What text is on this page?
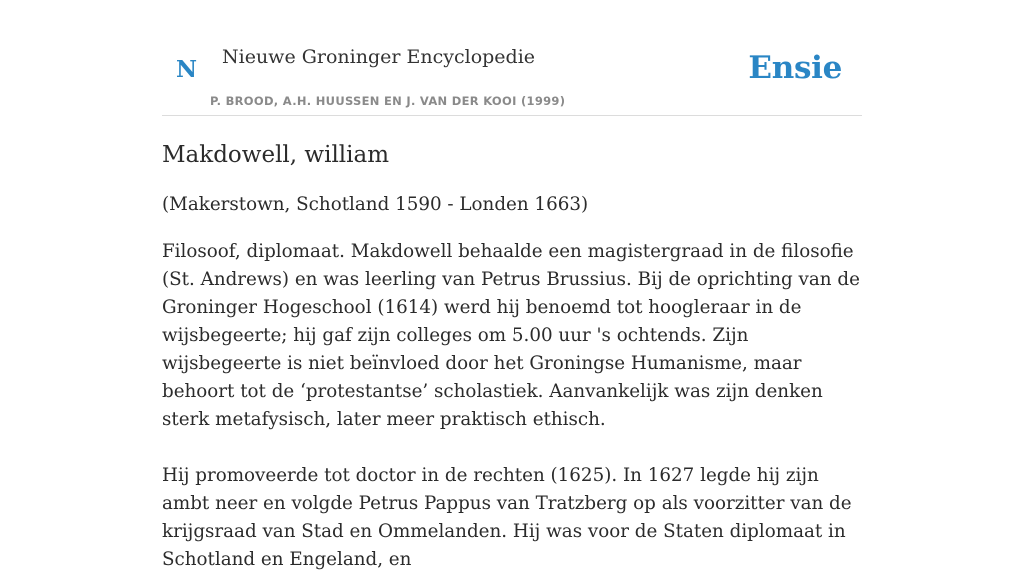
N Nieuwe Groninger Encyclopedie
P. BROOD, A.H. HUUSSEN EN J. VAN DER KOOI (1999)
Ensie
Makdowell, william

(Makerstown, Schotland 1590 - Londen 1663)

Filosoof, diplomaat. Makdowell behaalde een magistergraad in de filosofie (St. Andrews) en was leerling van Petrus Brussius. Bij de oprichting van de Groninger Hogeschool (1614) werd hij benoemd tot hoogleraar in de wijsbegeerte; hij gaf zijn colleges om 5.00 uur 's ochtends. Zijn wijsbegeerte is niet beïnvloed door het Groningse Humanisme, maar behoort tot de ‘protestantse’ scholastiek. Aanvankelijk was zijn denken sterk metafysisch, later meer praktisch ethisch.

Hij promoveerde tot doctor in de rechten (1625). In 1627 legde hij zijn ambt neer en volgde Petrus Pappus van Tratzberg op als voorzitter van de krijgsraad van Stad en Ommelanden. Hij was voor de Staten diplomaat in Schotland en Engeland, en
